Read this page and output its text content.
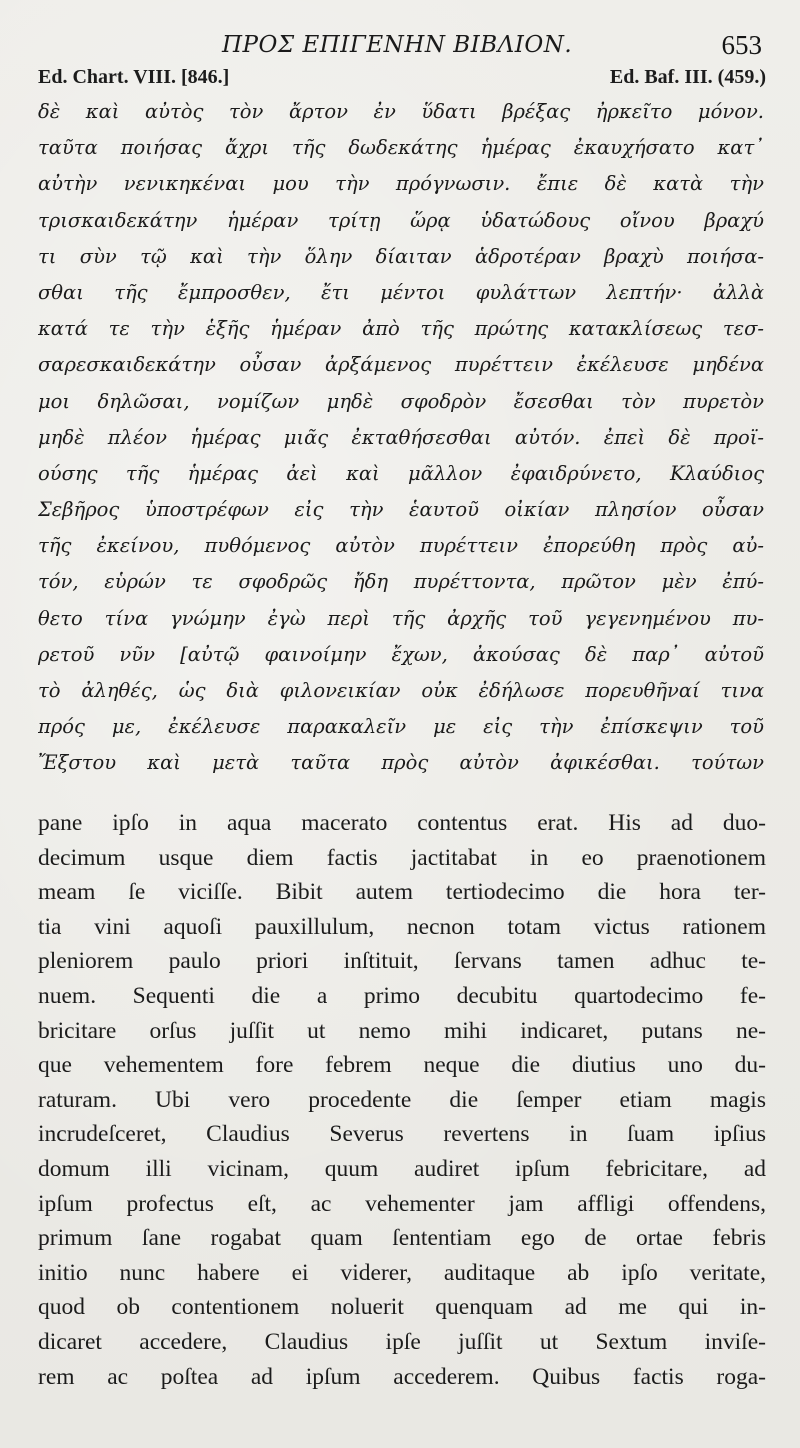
ΠΡΟΣ ΕΠΙΓΕΝΗΝ ΒΙΒΛΙΟΝ.	653
Ed. Chart. VIII. [846.]	Ed. Baf. III. (459.)
δὲ καὶ αὐτὸς τὸν ἄρτον ἐν ὕδατι βρέξας ἠρκεῖτο μόνον.
ταῦτα ποιήσας ἄχρι τῆς δωδεκάτης ἡμέρας ἐκαυχήσατο κατ᾽
αὐτὴν νενικηκέναι μου τὴν πρόγνωσιν. ἔπιε δὲ κατὰ τὴν
τρισκαιδεκάτην ἡμέραν τρίτῃ ὥρᾳ ὑδατώδους οἴνου βραχύ
τι σὺν τῷ καὶ τὴν ὅλην δίαιταν ἁδροτέραν βραχὺ ποιήσα-
σθαι τῆς ἔμπροσθεν, ἔτι μέντοι φυλάττων λεπτήν· ἀλλὰ
κατά τε τὴν ἑξῆς ἡμέραν ἀπὸ τῆς πρώτης κατακλίσεως τεσ-
σαρεσκαιδεκάτην οὖσαν ἀρξάμενος πυρέττειν ἐκέλευσε μηδένα
μοι δηλῶσαι, νομίζων μηδὲ σφοδρὸν ἔσεσθαι τὸν πυρετὸν
μηδὲ πλέον ἡμέρας μιᾶς ἐκταθήσεσθαι αὐτόν. ἐπεὶ δὲ προϊ-
ούσης τῆς ἡμέρας ἀεὶ καὶ μᾶλλον ἐφαιδρύνετο, Κλαύδιος
Σεβῆρος ὑποστρέφων εἰς τὴν ἑαυτοῦ οἰκίαν πλησίον οὖσαν
τῆς ἐκείνου, πυθόμενος αὐτὸν πυρέττειν ἐπορεύθη πρὸς αὐ-
τόν, εὑρών τε σφοδρῶς ἤδη πυρέττοντα, πρῶτον μὲν ἐπύ-
θετο τίνα γνώμην ἐγὼ περὶ τῆς ἀρχῆς τοῦ γεγενημένου πυ-
ρετοῦ νῦν [αὐτῷ φαινοίμην ἔχων, ἀκούσας δὲ παρ᾽ αὐτοῦ
τὸ ἀληθές, ὡς διὰ φιλονεικίαν οὐκ ἐδήλωσε πορευθῆναί τινα
πρός με, ἐκέλευσε παρακαλεῖν με εἰς τὴν ἐπίσκεψιν τοῦ
Ἔξστου καὶ μετὰ ταῦτα πρὸς αὐτὸν ἀφικέσθαι. τούτων
pane ipſo in aqua macerato contentus erat. His ad duo-
decimum usque diem factis jactitabat in eo praenotionem
meam ſe viciſſe. Bibit autem tertiodecimo die hora ter-
tia vini aquoſi pauxillulum, necnon totam victus rationem
pleniorem paulo priori inſtituit, ſervans tamen adhuc te-
nuem. Sequenti die a primo decubitu quartodecimo fe-
bricitare orſus juſſit ut nemo mihi indicaret, putans ne-
que vehementem fore febrem neque die diutius uno du-
raturam. Ubi vero procedente die ſemper etiam magis
incrudeſceret, Claudius Severus revertens in ſuam ipſius
domum illi vicinam, quum audiret ipſum febricitare, ad
ipſum profectus eſt, ac vehementer jam affligi offendens,
primum ſane rogabat quam ſententiam ego de ortae febris
initio nunc habere ei viderer, auditaque ab ipſo veritate,
quod ob contentionem noluerit quenquam ad me qui in-
dicaret accedere, Claudius ipſe juſſit ut Sextum inviſe-
rem ac poſtea ad ipſum accederem. Quibus factis roga-
